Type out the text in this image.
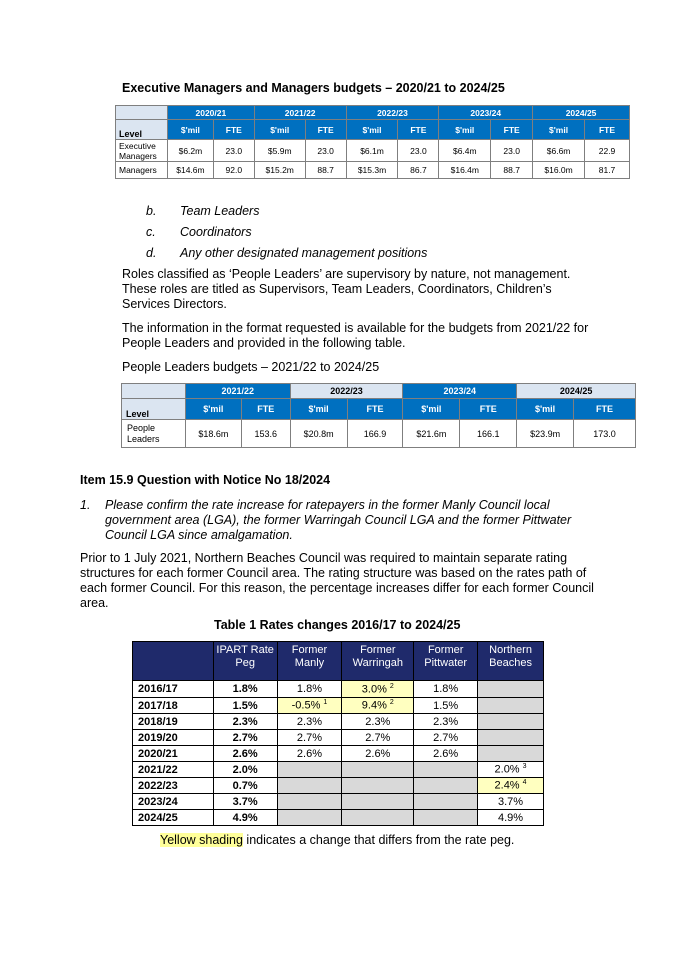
Executive Managers and Managers budgets – 2020/21 to 2024/25
	2020/21		2021/22		2022/23		2023/24		2024/25	
Level	$'mil	FTE	$'mil	FTE	$'mil	FTE	$'mil	FTE	$'mil	FTE
Executive Managers	$6.2m	23.0	$5.9m	23.0	$6.1m	23.0	$6.4m	23.0	$6.6m	22.9
Managers	$14.6m	92.0	$15.2m	88.7	$15.3m	86.7	$16.4m	88.7	$16.0m	81.7
b. Team Leaders
c. Coordinators
d. Any other designated management positions
Roles classified as ‘People Leaders’ are supervisory by nature, not management. These roles are titled as Supervisors, Team Leaders, Coordinators, Children’s Services Directors.
The information in the format requested is available for the budgets from 2021/22 for People Leaders and provided in the following table.
People Leaders budgets – 2021/22 to 2024/25
	2021/22		2022/23		2023/24		2024/25	
Level	$'mil	FTE	$'mil	FTE	$'mil	FTE	$'mil	FTE
People Leaders	$18.6m	153.6	$20.8m	166.9	$21.6m	166.1	$23.9m	173.0
Item 15.9 Question with Notice No 18/2024
1. Please confirm the rate increase for ratepayers in the former Manly Council local government area (LGA), the former Warringah Council LGA and the former Pittwater Council LGA since amalgamation.
Prior to 1 July 2021, Northern Beaches Council was required to maintain separate rating structures for each former Council area. The rating structure was based on the rates path of each former Council. For this reason, the percentage increases differ for each former Council area.
Table 1 Rates changes 2016/17 to 2024/25
	IPART Rate Peg	Former Manly	Former Warringah	Former Pittwater	Northern Beaches
2016/17	1.8%	1.8%	3.0% $^2$	1.8%	
2017/18	1.5%	-0.5% $^1$	9.4% $^2$	1.5%	
2018/19	2.3%	2.3%	2.3%	2.3%	
2019/20	2.7%	2.7%	2.7%	2.7%	
2020/21	2.6%	2.6%	2.6%	2.6%	
2021/22	2.0%				2.0% $^3$
2022/23	0.7%				2.4% $^4$
2023/24	3.7%				3.7%
2024/25	4.9%				4.9%
Yellow shading indicates a change that differs from the rate peg.
